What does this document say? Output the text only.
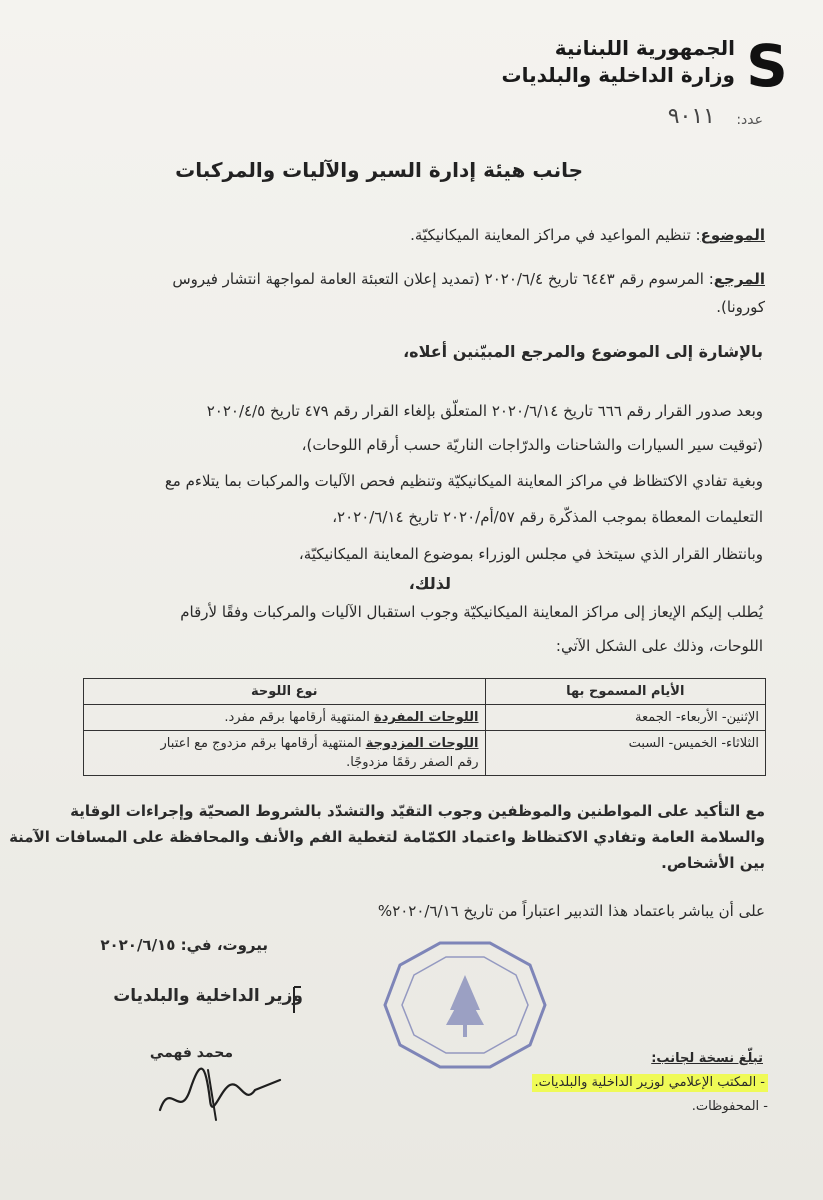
S
الجمهورية اللبنانية
وزارة الداخلية والبلديات
عدد:
٩٠١١
جانب هيئة إدارة السير والآليات والمركبات
الموضوع: تنظيم المواعيد في مراكز المعاينة الميكانيكيّة.
المرجع: المرسوم رقم ٦٤٤٣ تاريخ ٢٠٢٠/٦/٤ (تمديد إعلان التعبئة العامة لمواجهة انتشار فيروس
كورونا).
بالإشارة إلى الموضوع والمرجع المبيّنين أعلاه،
وبعد صدور القرار رقم ٦٦٦ تاريخ ٢٠٢٠/٦/١٤ المتعلّق بإلغاء القرار رقم ٤٧٩ تاريخ ٢٠٢٠/٤/٥
(توقيت سير السيارات والشاحنات والدرّاجات الناريّة حسب أرقام اللوحات)،
وبغية تفادي الاكتظاظ في مراكز المعاينة الميكانيكيّة وتنظيم فحص الآليات والمركبات بما يتلاءم مع
التعليمات المعطاة بموجب المذكّرة رقم ٥٧/أم/٢٠٢٠ تاريخ ٢٠٢٠/٦/١٤،
وبانتظار القرار الذي سيتخذ في مجلس الوزراء بموضوع المعاينة الميكانيكيّة،
لذلك،
يُطلب إليكم الإيعاز إلى مراكز المعاينة الميكانيكيّة وجوب استقبال الآليات والمركبات وفقًا لأرقام
اللوحات، وذلك على الشكل الآتي:
الأيام المسموح بها	نوع اللوحة
الإثنين- الأربعاء- الجمعة	اللوحات المفردة المنتهية أرقامها برقم مفرد.
الثلاثاء- الخميس- السبت	اللوحات المزدوجة المنتهية أرقامها برقم مزدوج مع اعتبار
رقم الصفر رقمًا مزدوجًا.
مع التأكيد على المواطنين والموظفين وجوب التقيّد والتشدّد بالشروط الصحيّة وإجراءات الوقاية
والسلامة العامة وتفادي الاكتظاظ واعتماد الكمّامة لتغطية الفم والأنف والمحافظة على المسافات الآمنة
بين الأشخاص.
على أن يباشر باعتماد هذا التدبير اعتباراً من تاريخ ٢٠٢٠/٦/١٦%
بيروت، في: ٢٠٢٠/٦/١٥
وزير الداخلية والبلديات
محمد فهمي	تبلّغ نسخة لجانب:
- المكتب الإعلامي لوزير الداخلية والبلديات.
- المحفوظات.
